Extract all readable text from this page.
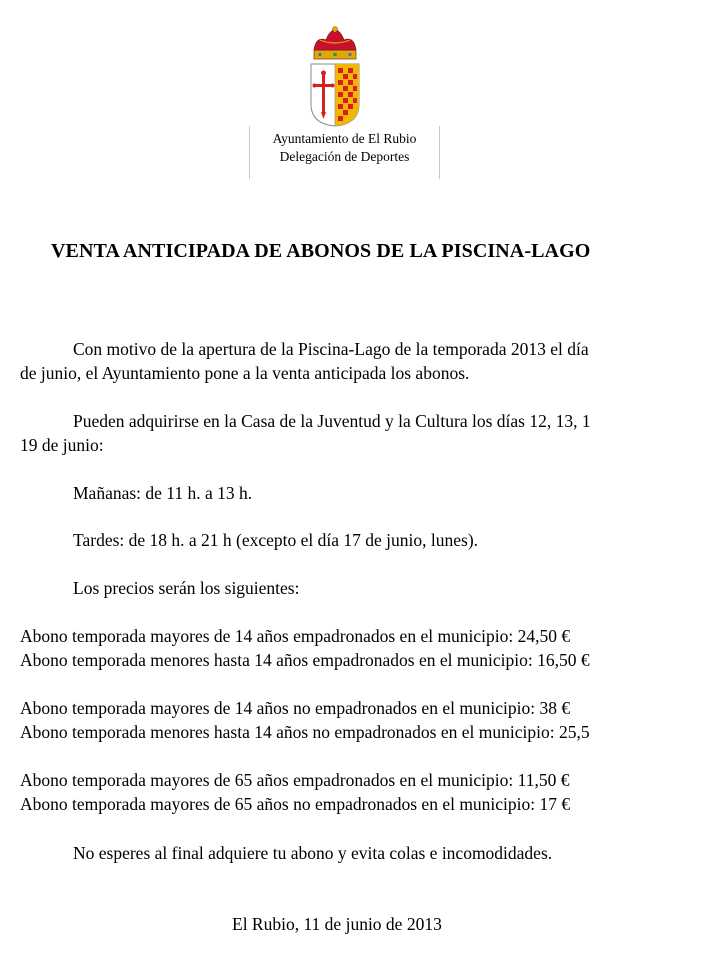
Ayuntamiento de El Rubio
Delegación de Deportes
VENTA ANTICIPADA DE ABONOS DE LA PISCINA-LAGO
Con motivo de la apertura de la Piscina-Lago de la temporada 2013 el día
de junio, el Ayuntamiento pone a la venta anticipada los abonos.
Pueden adquirirse en la Casa de la Juventud y la Cultura los días 12, 13, 1
19 de junio:
Mañanas: de 11 h. a 13 h.
Tardes: de 18 h. a 21 h (excepto el día 17 de junio, lunes).
Los precios serán los siguientes:
Abono temporada mayores de 14 años empadronados en el municipio: 24,50 €
Abono temporada menores hasta 14 años empadronados en el municipio: 16,50 €
Abono temporada mayores de 14 años no empadronados en el municipio: 38 €
Abono temporada menores hasta 14 años no empadronados en el municipio: 25,5
Abono temporada mayores de 65 años empadronados en el municipio: 11,50 €
Abono temporada mayores de 65 años no empadronados en el municipio: 17 €
No esperes al final adquiere tu abono y evita colas e incomodidades.
El Rubio, 11 de junio de 2013
